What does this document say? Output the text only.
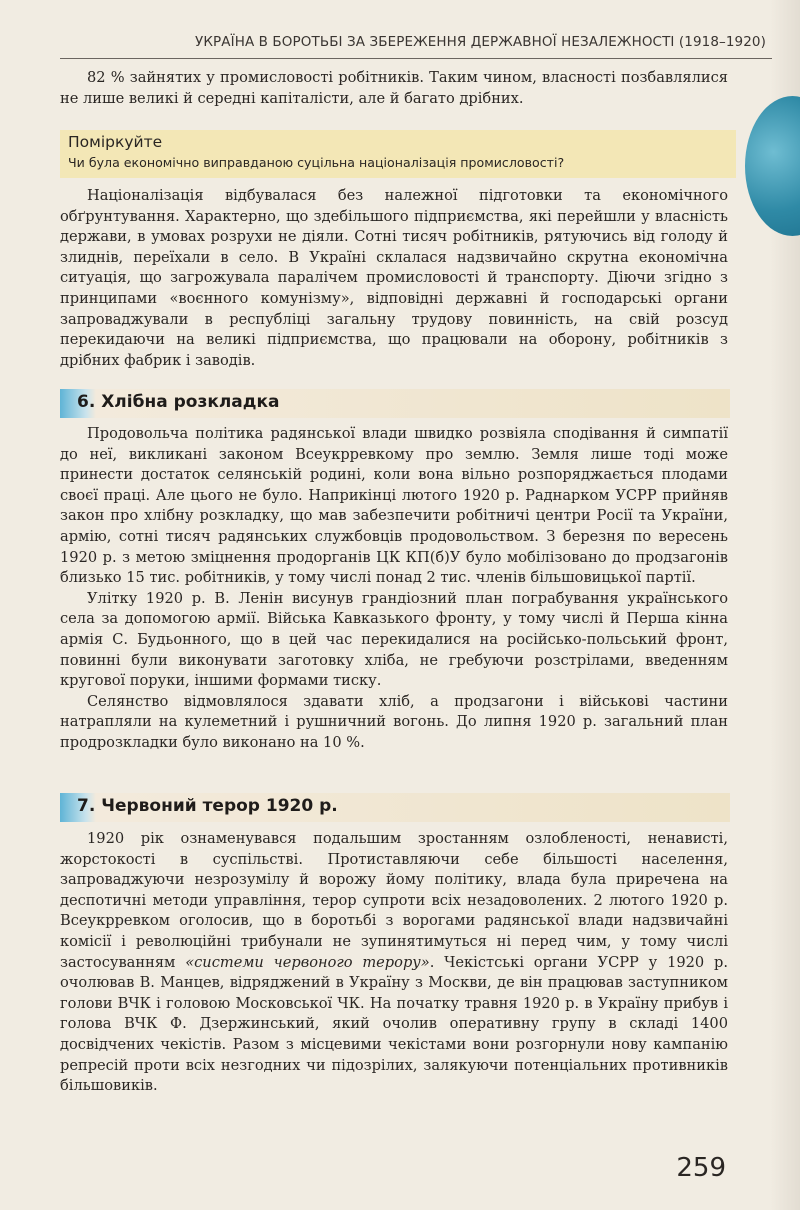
УКРАЇНА В БОРОТЬБІ ЗА ЗБЕРЕЖЕННЯ ДЕРЖАВНОЇ НЕЗАЛЕЖНОСТІ (1918–1920)

82 % зайнятих у промисловості робітників. Таким чином, власності позбавлялися не лише великі й середні капіталісти, але й багато дрібних.

Поміркуйте
Чи була економічно виправданою суцільна націоналізація промисловості?

Націоналізація відбувалася без належної підготовки та економічного обґрунтування. Характерно, що здебільшого підприємства, які перейшли у власність держави, в умовах розрухи не діяли. Сотні тисяч робітників, рятуючись від голоду й злиднів, переїхали в село. В Україні склалася надзвичайно скрутна економічна ситуація, що загрожувала паралічем промисловості й транспорту. Діючи згідно з принципами «воєнного комунізму», відповідні державні й господарські органи запроваджували в республіці загальну трудову повинність, на свій розсуд перекидаючи на великі підприємства, що працювали на оборону, робітників з дрібних фабрик і заводів.

6. Хлібна розкладка

Продовольча політика радянської влади швидко розвіяла сподівання й симпатії до неї, викликані законом Всеукрревкому про землю. Земля лише тоді може принести достаток селянській родині, коли вона вільно розпоряджається плодами своєї праці. Але цього не було. Наприкінці лютого 1920 р. Раднарком УСРР прийняв закон про хлібну розкладку, що мав забезпечити робітничі центри Росії та України, армію, сотні тисяч радянських службовців продовольством. З березня по вересень 1920 р. з метою зміцнення продорганів ЦК КП(б)У було мобілізовано до продзагонів близько 15 тис. робітників, у тому числі понад 2 тис. членів більшовицької партії.

Улітку 1920 р. В. Ленін висунув грандіозний план пограбування українського села за допомогою армії. Війська Кавказького фронту, у тому числі й Перша кінна армія С. Будьонного, що в цей час перекидалися на російсько-польський фронт, повинні були виконувати заготовку хліба, не гребуючи розстрілами, введенням кругової поруки, іншими формами тиску.

Селянство відмовлялося здавати хліб, а продзагони і військові частини натрапляли на кулеметний і рушничний вогонь. До липня 1920 р. загальний план продрозкладки було виконано на 10 %.

7. Червоний терор 1920 р.

1920 рік ознаменувався подальшим зростанням озлобленості, ненависті, жорстокості в суспільстві. Протиставляючи себе більшості населення, запроваджуючи незрозумілу й ворожу йому політику, влада була приречена на деспотичні методи управління, терор супроти всіх незадоволених. 2 лютого 1920 р. Всеукрревком оголосив, що в боротьбі з ворогами радянської влади надзвичайні комісії і революційні трибунали не зупинятимуться ні перед чим, у тому числі застосуванням «системи червоного терору». Чекістські органи УСРР у 1920 р. очолював В. Манцев, відряджений в Україну з Москви, де він працював заступником голови ВЧК і головою Московської ЧК. На початку травня 1920 р. в Україну прибув і голова ВЧК Ф. Дзержинський, який очолив оперативну групу в складі 1400 досвідчених чекістів. Разом з місцевими чекістами вони розгорнули нову кампанію репресій проти всіх незгодних чи підозрілих, залякуючи потенціальних противників більшовиків.

259
